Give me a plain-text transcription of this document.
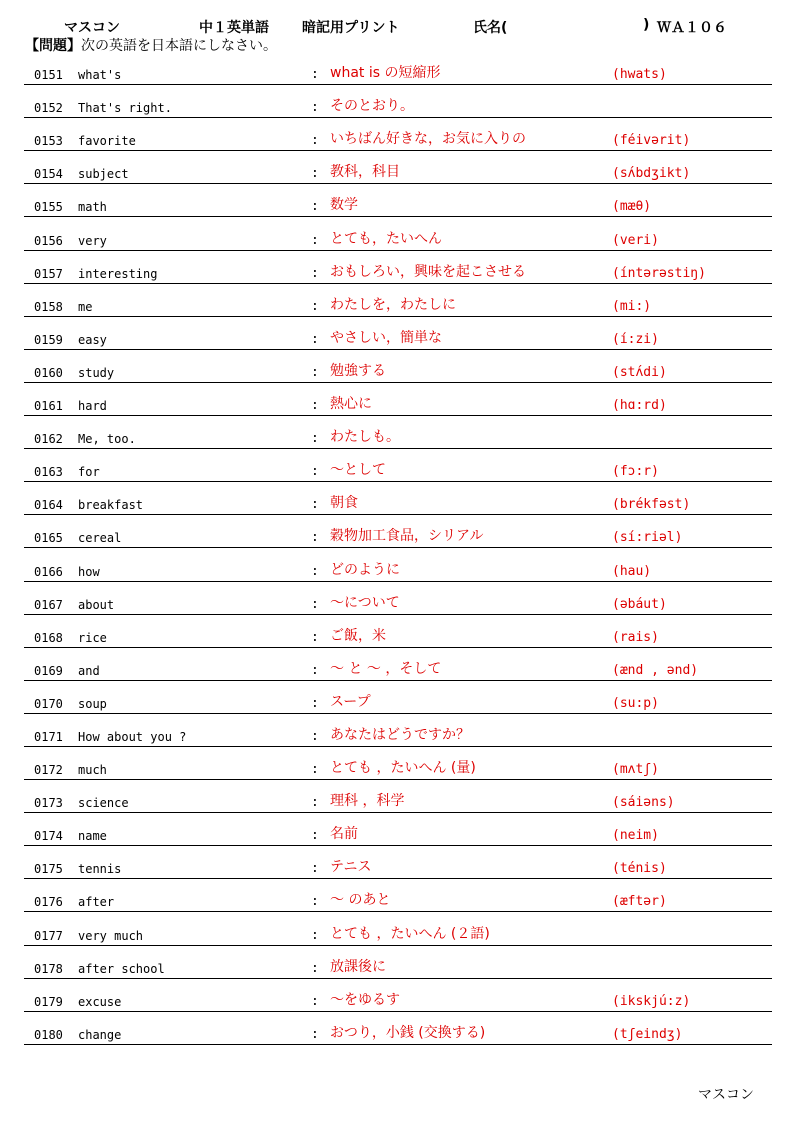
マスコン	中１英単語 暗記用プリント	氏名(	) ＷＡ１０６
【問題】次の英語を日本語にしなさい。
0151 what's	: what is の短縮形	(hwats)
0152 That's right.	: そのとおり。
0153 favorite	: いちばん好きな，お気に入りの	(féivərit)
0154 subject	: 教科，科目	(sʌ́bdʒikt)
0155 math	: 数学	(mæθ)
0156 very	: とても，たいへん	(veri)
0157 interesting	: おもしろい，興味を起こさせる	(íntərəstiŋ)
0158 me	: わたしを，わたしに	(mi:)
0159 easy	: やさしい，簡単な	(í:zi)
0160 study	: 勉強する	(stʌ́di)
0161 hard	: 熱心に	(hɑ:rd)
0162 Me, too.	: わたしも。
0163 for	: ～として	(fɔ:r)
0164 breakfast	: 朝食	(brékfəst)
0165 cereal	: 穀物加工食品，シリアル	(sí:riəl)
0166 how	: どのように	(hau)
0167 about	: ～について	(əbáut)
0168 rice	: ご飯，米	(rais)
0169 and	: ～ と ～ ，そして	(ænd , ənd)
0170 soup	: スープ	(su:p)
0171 How about you ?	: あなたはどうですか？
0172 much	: とても ，たいへん (量)	(mʌtʃ)
0173 science	: 理科 ，科学	(sáiəns)
0174 name	: 名前	(neim)
0175 tennis	: テニス	(ténis)
0176 after	: ～ のあと	(æftər)
0177 very much	: とても ，たいへん (２語)
0178 after school	: 放課後に
0179 excuse	: ～をゆるす	(ikskjú:z)
0180 change	: おつり，小銭 (交換する)	(tʃeindʒ)
マスコン
